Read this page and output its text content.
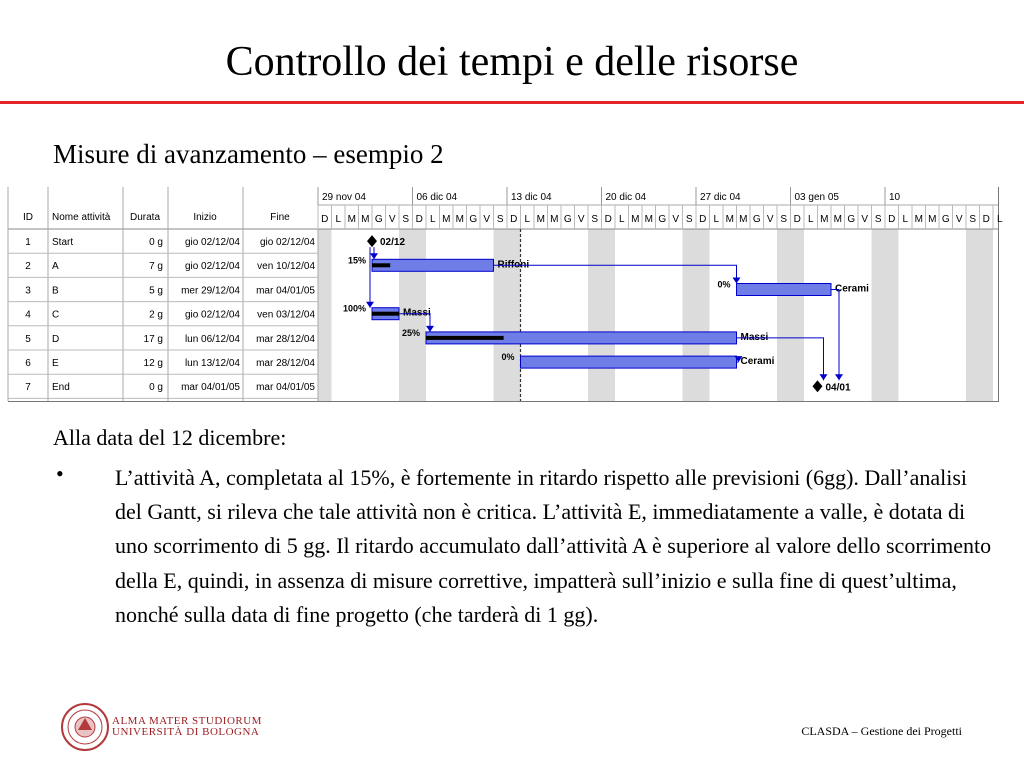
Controllo dei tempi e delle risorse
Misure di avanzamento – esempio 2
ID Nome attività Durata	Inizio	Fine
29 nov 04	06 dic 04	13 dic 04	20 dic 04	27 dic 04	03 gen 05	10
D L M M G V S D L M M G V S D L M M G V S D L M M G V S D L M M G V S D L M M G V S D L M M G V S D L
1 Start	0 g gio 02/12/04 gio 02/12/04
2 A	7 g gio 02/12/04 ven 10/12/04
3 B	5 g mer 29/12/04 mar 04/01/05
4 C	2 g gio 02/12/04 ven 03/12/04
5 D	17 g lun 06/12/04 mar 28/12/04
6 E	12 g lun 13/12/04 mar 28/12/04
7 End	0 g mar 04/01/05 mar 04/01/05
02/12
15%	Riffoni
0%	Cerami
100%	Massi
25%	Massi
0%	Cerami
04/01
Alla data del 12 dicembre:
• L’attività A, completata al 15%, è fortemente in ritardo rispetto alle previsioni (6gg). Dall’analisi del Gantt, si rileva che tale attività non è critica. L’attività E, immediatamente a valle, è dotata di uno scorrimento di 5 gg. Il ritardo accumulato dall’attività A è superiore al valore dello scorrimento della E, quindi, in assenza di misure correttive, impatterà sull’inizio e sulla fine di quest’ultima, nonché sulla data di fine progetto (che tarderà di 1 gg).
ALMA MATER STUDIORUM
UNIVERSITÀ DI BOLOGNA	CLASDA – Gestione dei Progetti
